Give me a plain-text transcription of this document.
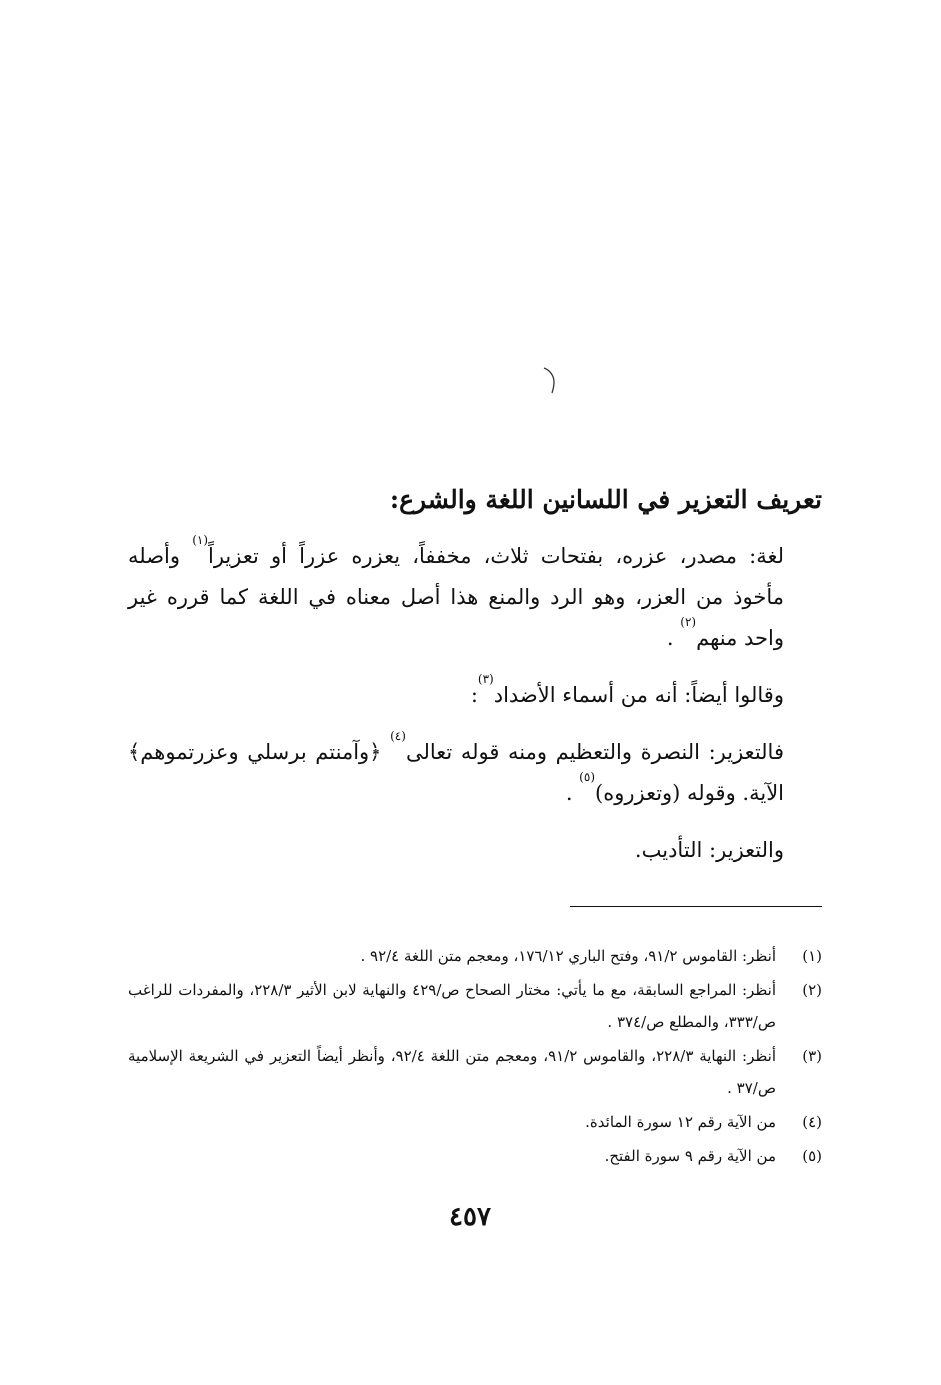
تعريف التعزير في اللسانين اللغة والشرع:

لغة: مصدر، عزره، بفتحات ثلاث، مخففاً، يعزره عزراً أو تعزيراً$^{(١)}$ وأصله مأخوذ من العزر، وهو الرد والمنع هذا أصل معناه في اللغة كما قرره غير واحد منهم$^{(٢)}$ .

وقالوا أيضاً: أنه من أسماء الأضداد$^{(٣)}$:

فالتعزير: النصرة والتعظيم ومنه قوله تعالى$^{(٤)}$ ﴿وآمنتم برسلي وعزرتموهم﴾ الآية. وقوله (وتعزروه)$^{(٥)}$ .

والتعزير: التأديب.

(١)
أنظر: القاموس ٩١/٢، وفتح الباري ١٧٦/١٢، ومعجم متن اللغة ٩٢/٤ .
(٢)
أنظر: المراجع السابقة، مع ما يأتي: مختار الصحاح ص/٤٢٩ والنهاية لابن الأثير ٢٢٨/٣، والمفردات للراغب ص/٣٣٣، والمطلع ص/٣٧٤ .
(٣)
أنظر: النهاية ٢٢٨/٣، والقاموس ٩١/٢، ومعجم متن اللغة ٩٢/٤، وأنظر أيضاً التعزير في الشريعة الإسلامية ص/٣٧ .
(٤)
من الآية رقم ١٢ سورة المائدة.
(٥)
من الآية رقم ٩ سورة الفتح.
٤٥٧
